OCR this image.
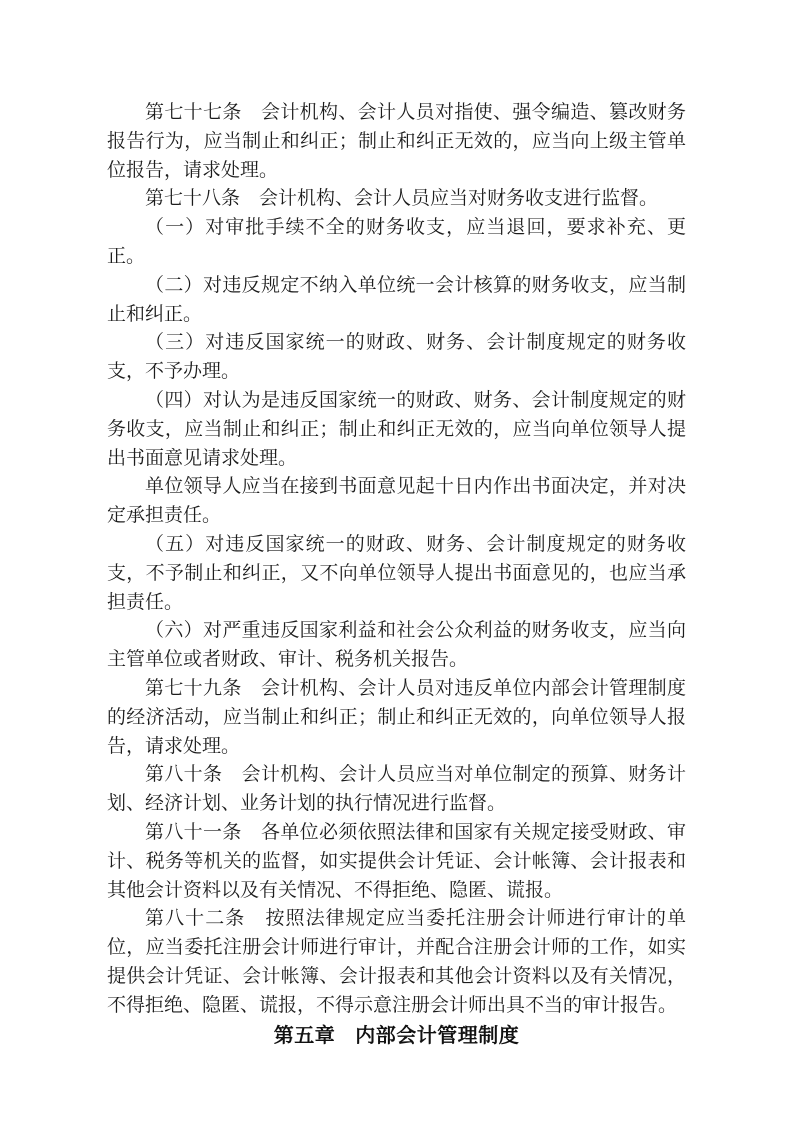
第七十七条　会计机构、会计人员对指使、强令编造、篡改财务报告行为，应当制止和纠正；制止和纠正无效的，应当向上级主管单位报告，请求处理。

第七十八条　会计机构、会计人员应当对财务收支进行监督。

（一）对审批手续不全的财务收支，应当退回，要求补充、更正。

（二）对违反规定不纳入单位统一会计核算的财务收支，应当制止和纠正。

（三）对违反国家统一的财政、财务、会计制度规定的财务收支，不予办理。

（四）对认为是违反国家统一的财政、财务、会计制度规定的财务收支，应当制止和纠正；制止和纠正无效的，应当向单位领导人提出书面意见请求处理。

单位领导人应当在接到书面意见起十日内作出书面决定，并对决定承担责任。

（五）对违反国家统一的财政、财务、会计制度规定的财务收支，不予制止和纠正，又不向单位领导人提出书面意见的，也应当承担责任。

（六）对严重违反国家利益和社会公众利益的财务收支，应当向主管单位或者财政、审计、税务机关报告。

第七十九条　会计机构、会计人员对违反单位内部会计管理制度的经济活动，应当制止和纠正；制止和纠正无效的，向单位领导人报告，请求处理。

第八十条　会计机构、会计人员应当对单位制定的预算、财务计划、经济计划、业务计划的执行情况进行监督。

第八十一条　各单位必须依照法律和国家有关规定接受财政、审计、税务等机关的监督，如实提供会计凭证、会计帐簿、会计报表和其他会计资料以及有关情况、不得拒绝、隐匿、谎报。

第八十二条　按照法律规定应当委托注册会计师进行审计的单位，应当委托注册会计师进行审计，并配合注册会计师的工作，如实提供会计凭证、会计帐簿、会计报表和其他会计资料以及有关情况，不得拒绝、隐匿、谎报，不得示意注册会计师出具不当的审计报告。

第五章 内部会计管理制度
